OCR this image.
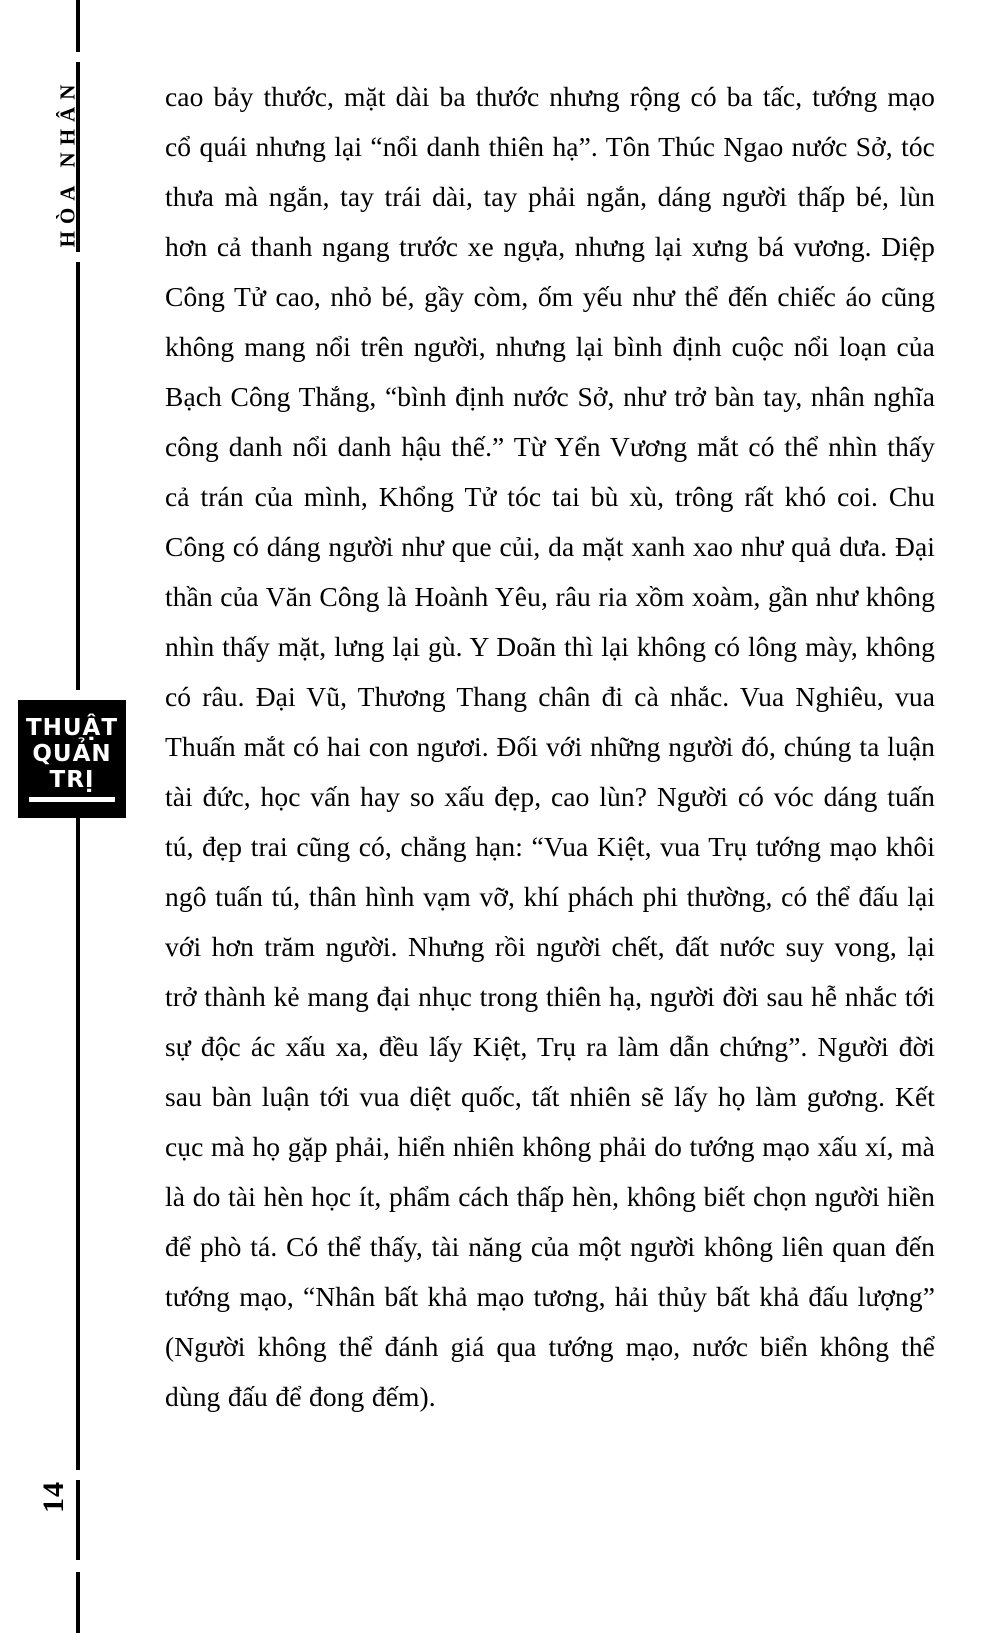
HÒA NHÂN
THUẬT
QUẢN
TRỊ
14

cao bảy thước, mặt dài ba thước nhưng rộng có ba tấc, tướng mạo cổ quái nhưng lại “nổi danh thiên hạ”. Tôn Thúc Ngao nước Sở, tóc thưa mà ngắn, tay trái dài, tay phải ngắn, dáng người thấp bé, lùn hơn cả thanh ngang trước xe ngựa, nhưng lại xưng bá vương. Diệp Công Tử cao, nhỏ bé, gầy còm, ốm yếu như thể đến chiếc áo cũng không mang nổi trên người, nhưng lại bình định cuộc nổi loạn của Bạch Công Thắng, “bình định nước Sở, như trở bàn tay, nhân nghĩa công danh nổi danh hậu thế.” Từ Yển Vương mắt có thể nhìn thấy cả trán của mình, Khổng Tử tóc tai bù xù, trông rất khó coi. Chu Công có dáng người như que củi, da mặt xanh xao như quả dưa. Đại thần của Văn Công là Hoành Yêu, râu ria xồm xoàm, gần như không nhìn thấy mặt, lưng lại gù. Y Doãn thì lại không có lông mày, không có râu. Đại Vũ, Thương Thang chân đi cà nhắc. Vua Nghiêu, vua Thuấn mắt có hai con ngươi. Đối với những người đó, chúng ta luận tài đức, học vấn hay so xấu đẹp, cao lùn? Người có vóc dáng tuấn tú, đẹp trai cũng có, chẳng hạn: “Vua Kiệt, vua Trụ tướng mạo khôi ngô tuấn tú, thân hình vạm vỡ, khí phách phi thường, có thể đấu lại với hơn trăm người. Nhưng rồi người chết, đất nước suy vong, lại trở thành kẻ mang đại nhục trong thiên hạ, người đời sau hễ nhắc tới sự độc ác xấu xa, đều lấy Kiệt, Trụ ra làm dẫn chứng”. Người đời sau bàn luận tới vua diệt quốc, tất nhiên sẽ lấy họ làm gương. Kết cục mà họ gặp phải, hiển nhiên không phải do tướng mạo xấu xí, mà là do tài hèn học ít, phẩm cách thấp hèn, không biết chọn người hiền để phò tá. Có thể thấy, tài năng của một người không liên quan đến tướng mạo, “Nhân bất khả mạo tương, hải thủy bất khả đấu lượng” (Người không thể đánh giá qua tướng mạo, nước biển không thể dùng đấu để đong đếm).
